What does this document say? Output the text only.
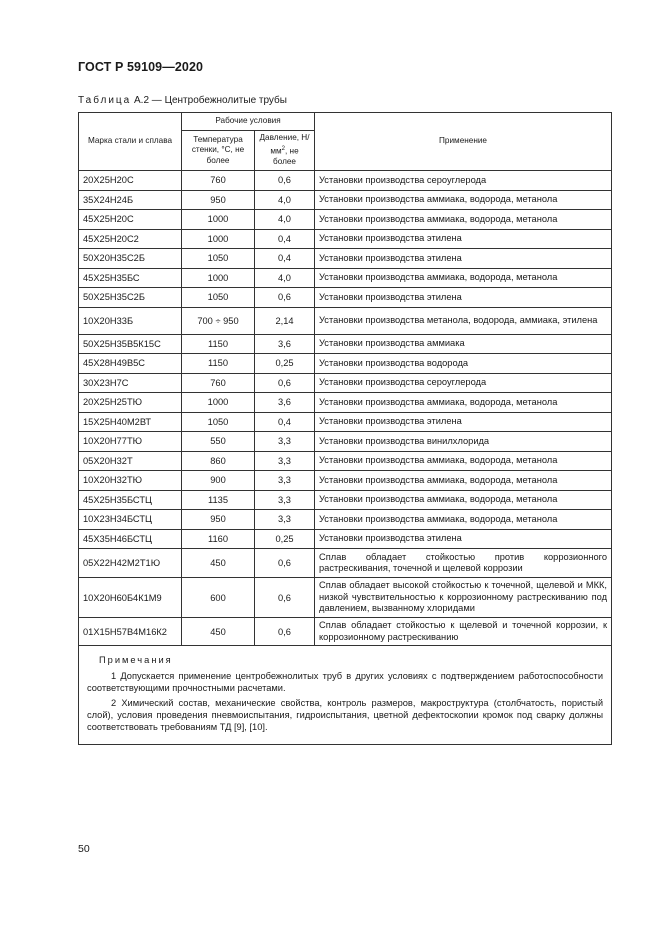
ГОСТ Р 59109—2020
Таблица А.2 — Центробежнолитые трубы
Марка стали и сплава	Рабочие условия		Применение
	Температура стенки, °С, не более	Давление, $Н/мм^2$, не более	
20Х25Н20С	760	0,6	Установки производства сероуглерода
35Х24Н24Б	950	4,0	Установки производства аммиака, водорода, метанола
45Х25Н20С	1000	4,0	Установки производства аммиака, водорода, метанола
45Х25Н20С2	1000	0,4	Установки производства этилена
50Х20Н35С2Б	1050	0,4	Установки производства этилена
45Х25Н35БС	1000	4,0	Установки производства аммиака, водорода, метанола
50Х25Н35С2Б	1050	0,6	Установки производства этилена
10Х20Н33Б	700 ÷ 950	2,14	Установки производства метанола, водорода, аммиака, этилена
50Х25Н35В5К15С	1150	3,6	Установки производства аммиака
45Х28Н49В5С	1150	0,25	Установки производства водорода
30Х23Н7С	760	0,6	Установки производства сероуглерода
20Х25Н25ТЮ	1000	3,6	Установки производства аммиака, водорода, метанола
15Х25Н40М2ВТ	1050	0,4	Установки производства этилена
10Х20Н77ТЮ	550	3,3	Установки производства винилхлорида
05Х20Н32Т	860	3,3	Установки производства аммиака, водорода, метанола
10Х20Н32ТЮ	900	3,3	Установки производства аммиака, водорода, метанола
45Х25Н35БСТЦ	1135	3,3	Установки производства аммиака, водорода, метанола
10Х23Н34БСТЦ	950	3,3	Установки производства аммиака, водорода, метанола
45Х35Н46БСТЦ	1160	0,25	Установки производства этилена
05Х22Н42М2Т1Ю	450	0,6	Сплав обладает стойкостью против коррозионного растрескивания, точечной и щелевой коррозии
10Х20Н60Б4К1М9	600	0,6	Сплав обладает высокой стойкостью к точечной, щелевой и МКК, низкой чувствительностью к коррозионному растрескиванию под давлением, вызванному хлоридами
01Х15Н57В4М16К2	450	0,6	Сплав обладает стойкостью к щелевой и точечной коррозии, к коррозионному растрескиванию

Примечания

1 Допускается применение центробежнолитых труб в других условиях с подтверждением работоспособности соответствующими прочностными расчетами.

2 Химический состав, механические свойства, контроль размеров, макроструктура (столбчатость, пористый слой), условия проведения пневмоиспытания, гидроиспытания, цветной дефектоскопии кромок под сварку должны соответствовать требованиям ТД [9], [10].			

50
